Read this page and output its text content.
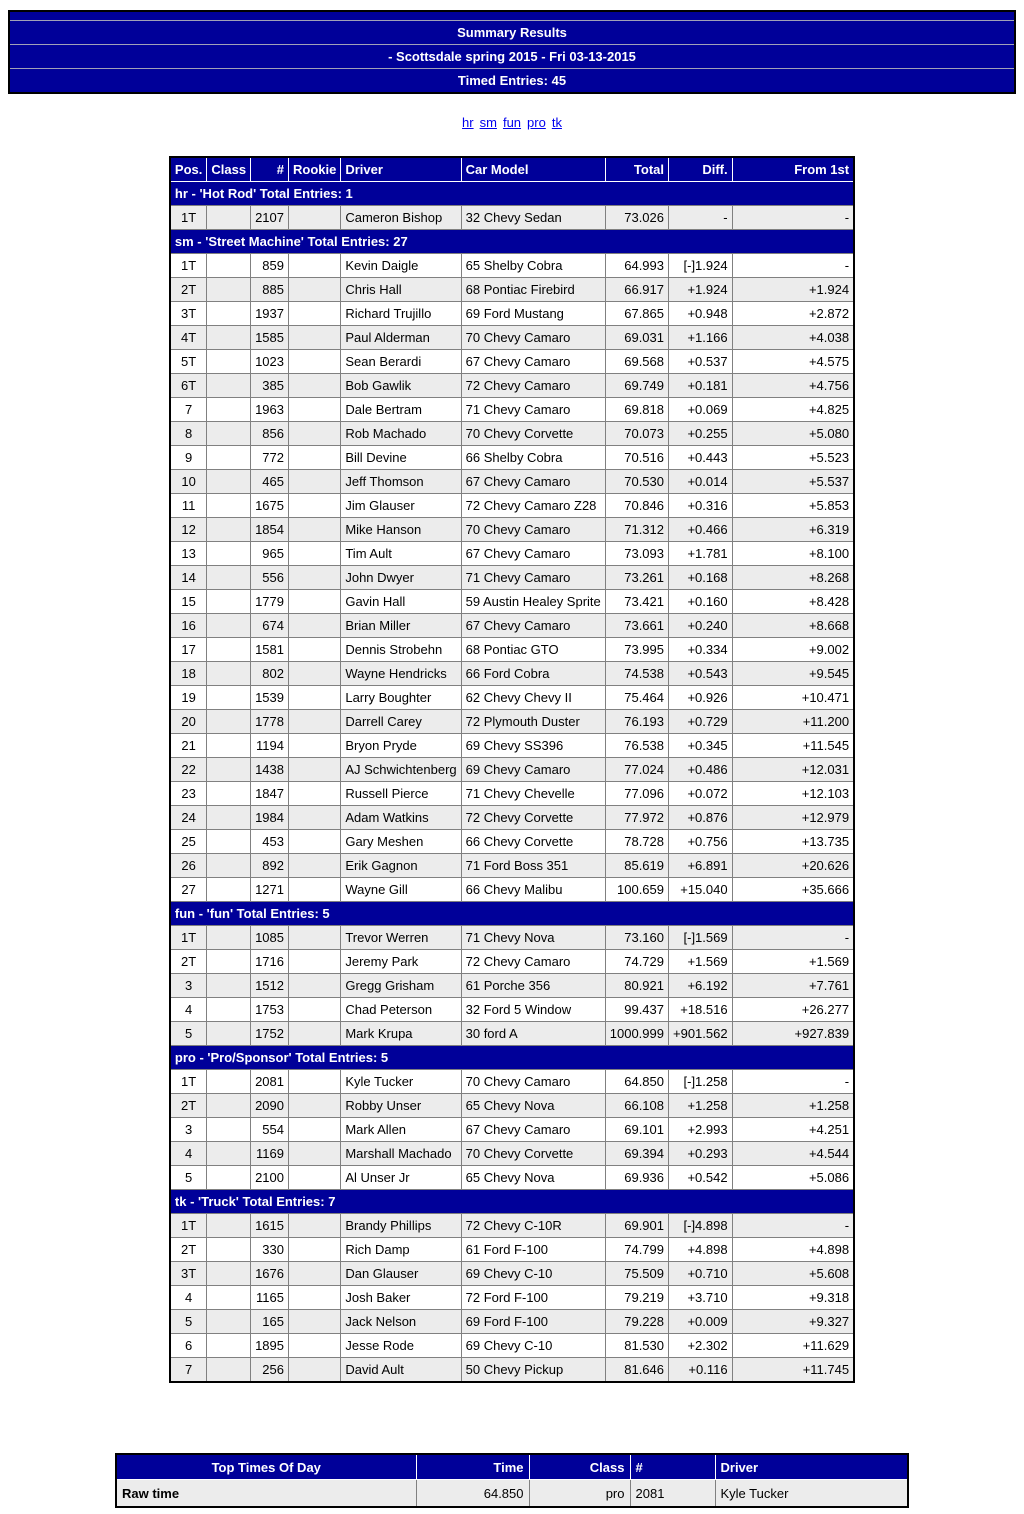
Summary Results
- Scottsdale spring 2015 - Fri 03-13-2015
Timed Entries: 45
hr sm fun pro tk
Pos.	Class	#	Rookie	Driver	Car Model	Total	Diff.	From 1st
hr - 'Hot Rod' Total Entries: 1								
1T		2107		Cameron Bishop	32 Chevy Sedan	73.026	-	-
sm - 'Street Machine' Total Entries: 27								
1T		859		Kevin Daigle	65 Shelby Cobra	64.993	[-]1.924	-
2T		885		Chris Hall	68 Pontiac Firebird	66.917	+1.924	+1.924
3T		1937		Richard Trujillo	69 Ford Mustang	67.865	+0.948	+2.872
4T		1585		Paul Alderman	70 Chevy Camaro	69.031	+1.166	+4.038
5T		1023		Sean Berardi	67 Chevy Camaro	69.568	+0.537	+4.575
6T		385		Bob Gawlik	72 Chevy Camaro	69.749	+0.181	+4.756
7		1963		Dale Bertram	71 Chevy Camaro	69.818	+0.069	+4.825
8		856		Rob Machado	70 Chevy Corvette	70.073	+0.255	+5.080
9		772		Bill Devine	66 Shelby Cobra	70.516	+0.443	+5.523
10		465		Jeff Thomson	67 Chevy Camaro	70.530	+0.014	+5.537
11		1675		Jim Glauser	72 Chevy Camaro Z28	70.846	+0.316	+5.853
12		1854		Mike Hanson	70 Chevy Camaro	71.312	+0.466	+6.319
13		965		Tim Ault	67 Chevy Camaro	73.093	+1.781	+8.100
14		556		John Dwyer	71 Chevy Camaro	73.261	+0.168	+8.268
15		1779		Gavin Hall	59 Austin Healey Sprite	73.421	+0.160	+8.428
16		674		Brian Miller	67 Chevy Camaro	73.661	+0.240	+8.668
17		1581		Dennis Strobehn	68 Pontiac GTO	73.995	+0.334	+9.002
18		802		Wayne Hendricks	66 Ford Cobra	74.538	+0.543	+9.545
19		1539		Larry Boughter	62 Chevy Chevy II	75.464	+0.926	+10.471
20		1778		Darrell Carey	72 Plymouth Duster	76.193	+0.729	+11.200
21		1194		Bryon Pryde	69 Chevy SS396	76.538	+0.345	+11.545
22		1438		AJ Schwichtenberg	69 Chevy Camaro	77.024	+0.486	+12.031
23		1847		Russell Pierce	71 Chevy Chevelle	77.096	+0.072	+12.103
24		1984		Adam Watkins	72 Chevy Corvette	77.972	+0.876	+12.979
25		453		Gary Meshen	66 Chevy Corvette	78.728	+0.756	+13.735
26		892		Erik Gagnon	71 Ford Boss 351	85.619	+6.891	+20.626
27		1271		Wayne Gill	66 Chevy Malibu	100.659	+15.040	+35.666
fun - 'fun' Total Entries: 5								
1T		1085		Trevor Werren	71 Chevy Nova	73.160	[-]1.569	-
2T		1716		Jeremy Park	72 Chevy Camaro	74.729	+1.569	+1.569
3		1512		Gregg Grisham	61 Porche 356	80.921	+6.192	+7.761
4		1753		Chad Peterson	32 Ford 5 Window	99.437	+18.516	+26.277
5		1752		Mark Krupa	30 ford A	1000.999	+901.562	+927.839
pro - 'Pro/Sponsor' Total Entries: 5								
1T		2081		Kyle Tucker	70 Chevy Camaro	64.850	[-]1.258	-
2T		2090		Robby Unser	65 Chevy Nova	66.108	+1.258	+1.258
3		554		Mark Allen	67 Chevy Camaro	69.101	+2.993	+4.251
4		1169		Marshall Machado	70 Chevy Corvette	69.394	+0.293	+4.544
5		2100		Al Unser Jr	65 Chevy Nova	69.936	+0.542	+5.086
tk - 'Truck' Total Entries: 7								
1T		1615		Brandy Phillips	72 Chevy C-10R	69.901	[-]4.898	-
2T		330		Rich Damp	61 Ford F-100	74.799	+4.898	+4.898
3T		1676		Dan Glauser	69 Chevy C-10	75.509	+0.710	+5.608
4		1165		Josh Baker	72 Ford F-100	79.219	+3.710	+9.318
5		165		Jack Nelson	69 Ford F-100	79.228	+0.009	+9.327
6		1895		Jesse Rode	69 Chevy C-10	81.530	+2.302	+11.629
7		256		David Ault	50 Chevy Pickup	81.646	+0.116	+11.745
Top Times Of Day	Time	Class	#	Driver
Raw time	64.850	pro	2081	Kyle Tucker
